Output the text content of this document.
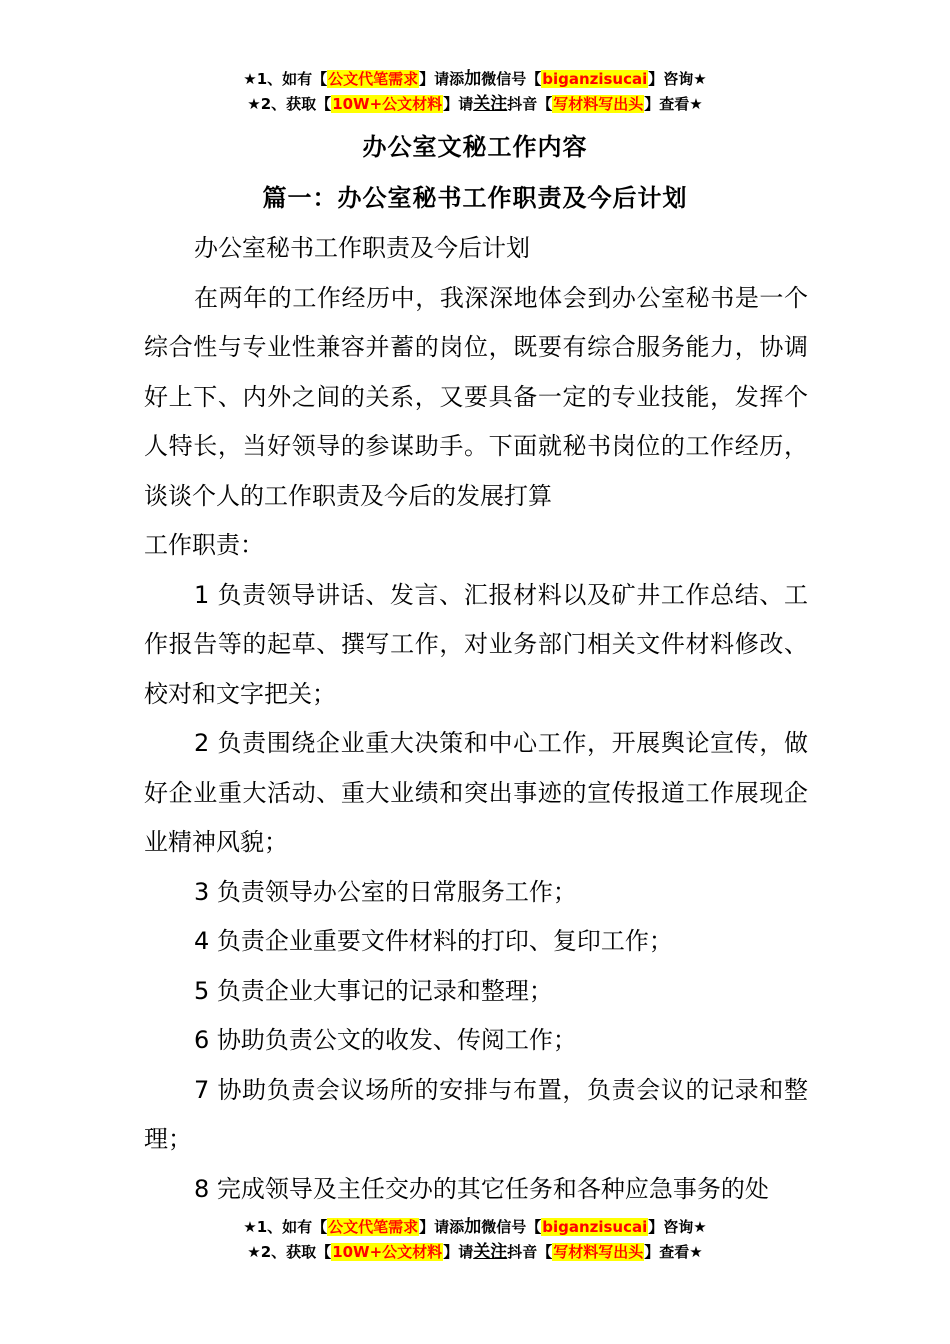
★1、如有【公文代笔需求】请添加微信号【biganzisucai】咨询★
★2、获取【10W+公文材料】请关注抖音【写材料写出头】查看★
办公室文秘工作内容
篇一：办公室秘书工作职责及今后计划

办公室秘书工作职责及今后计划

在两年的工作经历中，我深深地体会到办公室秘书是一个综合性与专业性兼容并蓄的岗位，既要有综合服务能力，协调好上下、内外之间的关系，又要具备一定的专业技能，发挥个人特长，当好领导的参谋助手。下面就秘书岗位的工作经历，谈谈个人的工作职责及今后的发展打算

工作职责：

1 负责领导讲话、发言、汇报材料以及矿井工作总结、工作报告等的起草、撰写工作，对业务部门相关文件材料修改、校对和文字把关；

2 负责围绕企业重大决策和中心工作，开展舆论宣传，做好企业重大活动、重大业绩和突出事迹的宣传报道工作展现企业精神风貌；

3 负责领导办公室的日常服务工作；

4 负责企业重要文件材料的打印、复印工作；

5 负责企业大事记的记录和整理；

6 协助负责公文的收发、传阅工作；

7 协助负责会议场所的安排与布置，负责会议的记录和整理；

8 完成领导及主任交办的其它任务和各种应急事务的处

★1、如有【公文代笔需求】请添加微信号【biganzisucai】咨询★
★2、获取【10W+公文材料】请关注抖音【写材料写出头】查看★
